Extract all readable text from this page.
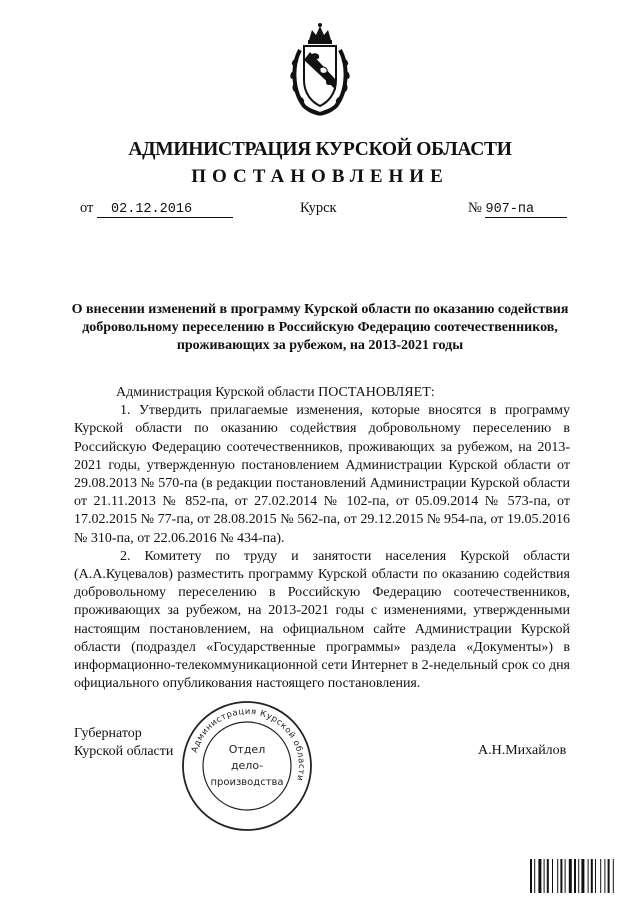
АДМИНИСТРАЦИЯ КУРСКОЙ ОБЛАСТИ
ПОСТАНОВЛЕНИЕ
от 02.12.2016	Курск	№ 907-па
О внесении изменений в программу Курской области по оказанию содействия добровольному переселению в Российскую Федерацию соотечественников, проживающих за рубежом, на 2013-2021 годы

Администрация Курской области ПОСТАНОВЛЯЕТ:

1. Утвердить прилагаемые изменения, которые вносятся в программу Курской области по оказанию содействия добровольному переселению в Российскую Федерацию соотечественников, проживающих за рубежом, на 2013-2021 годы, утвержденную постановлением Администрации Курской области от 29.08.2013 № 570-па (в редакции постановлений Администрации Курской области от 21.11.2013 № 852-па, от 27.02.2014 № 102-па, от 05.09.2014 № 573-па, от 17.02.2015 № 77-па, от 28.08.2015 № 562-па, от 29.12.2015 № 954-па, от 19.05.2016 № 310-па, от 22.06.2016 № 434-па).

2. Комитету по труду и занятости населения Курской области (А.А.Куцевалов) разместить программу Курской области по оказанию содействия добровольному переселению в Российскую Федерацию соотечественников, проживающих за рубежом, на 2013-2021 годы с изменениями, утвержденными настоящим постановлением, на официальном сайте Администрации Курской области (подраздел «Государственные программы» раздела «Документы») в информационно-телекоммуникационной сети Интернет в 2-недельный срок со дня официального опубликования настоящего постановления.

Губернатор
Курской области	А.Н.Михайлов
Администрация Курской области
Отдел
дело-
производства
